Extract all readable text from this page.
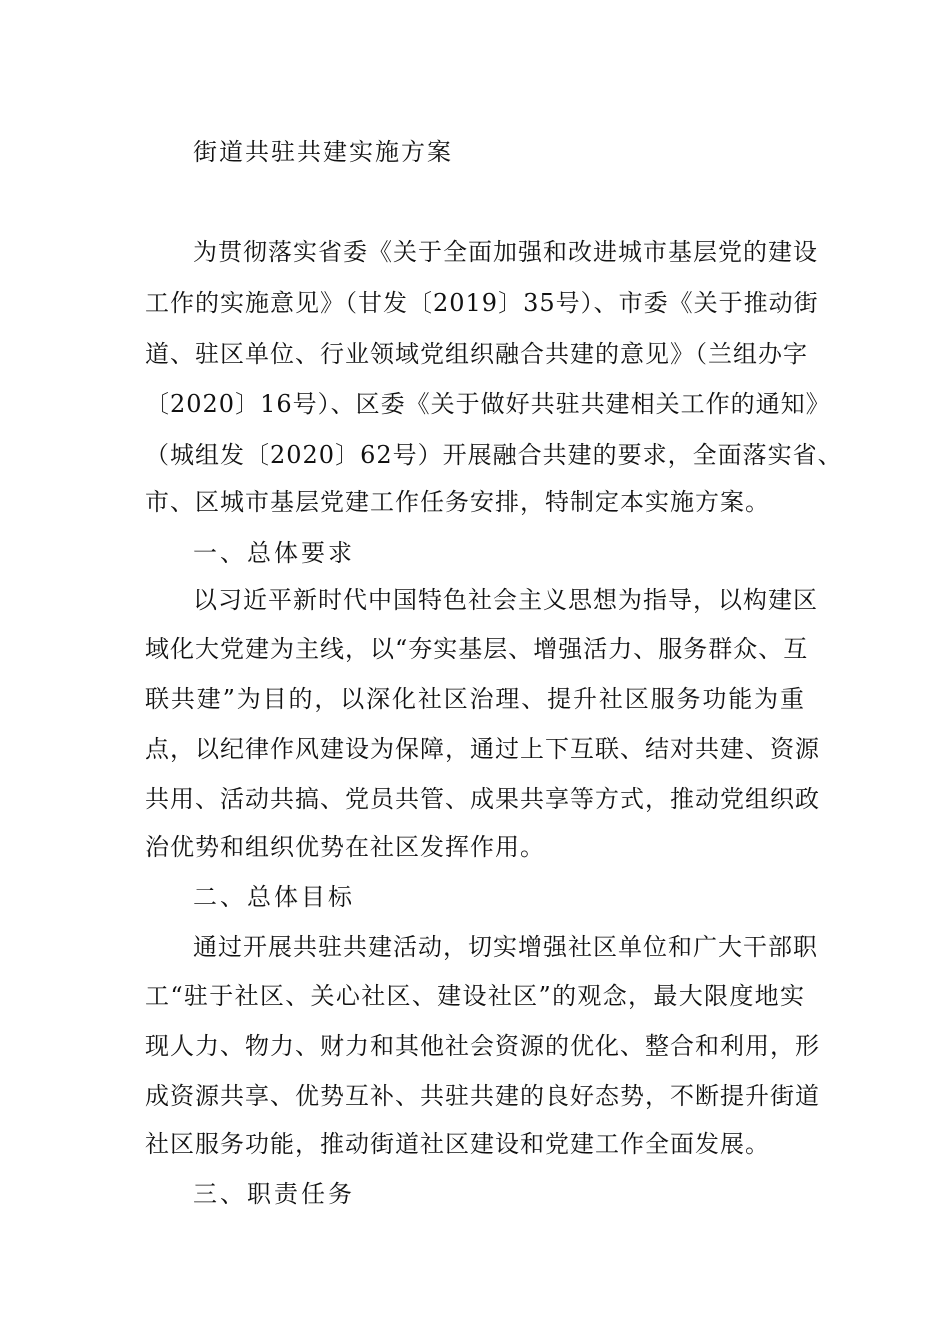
街道共驻共建实施方案
为贯彻落实省委《关于全面加强和改进城市基层党的建设
工作的实施意见》（甘发〔2019〕35号）、市委《关于推动街
道、驻区单位、行业领域党组织融合共建的意见》（兰组办字
〔2020〕16号）、区委《关于做好共驻共建相关工作的通知》
（城组发〔2020〕62号）开展融合共建的要求，全面落实省、
市、区城市基层党建工作任务安排，特制定本实施方案。
一、总体要求
以习近平新时代中国特色社会主义思想为指导，以构建区
域化大党建为主线，以“夯实基层、增强活力、服务群众、互
联共建”为目的，以深化社区治理、提升社区服务功能为重
点，以纪律作风建设为保障，通过上下互联、结对共建、资源
共用、活动共搞、党员共管、成果共享等方式，推动党组织政
治优势和组织优势在社区发挥作用。
二、总体目标
通过开展共驻共建活动，切实增强社区单位和广大干部职
工“驻于社区、关心社区、建设社区”的观念，最大限度地实
现人力、物力、财力和其他社会资源的优化、整合和利用，形
成资源共享、优势互补、共驻共建的良好态势，不断提升街道
社区服务功能，推动街道社区建设和党建工作全面发展。
三、职责任务
